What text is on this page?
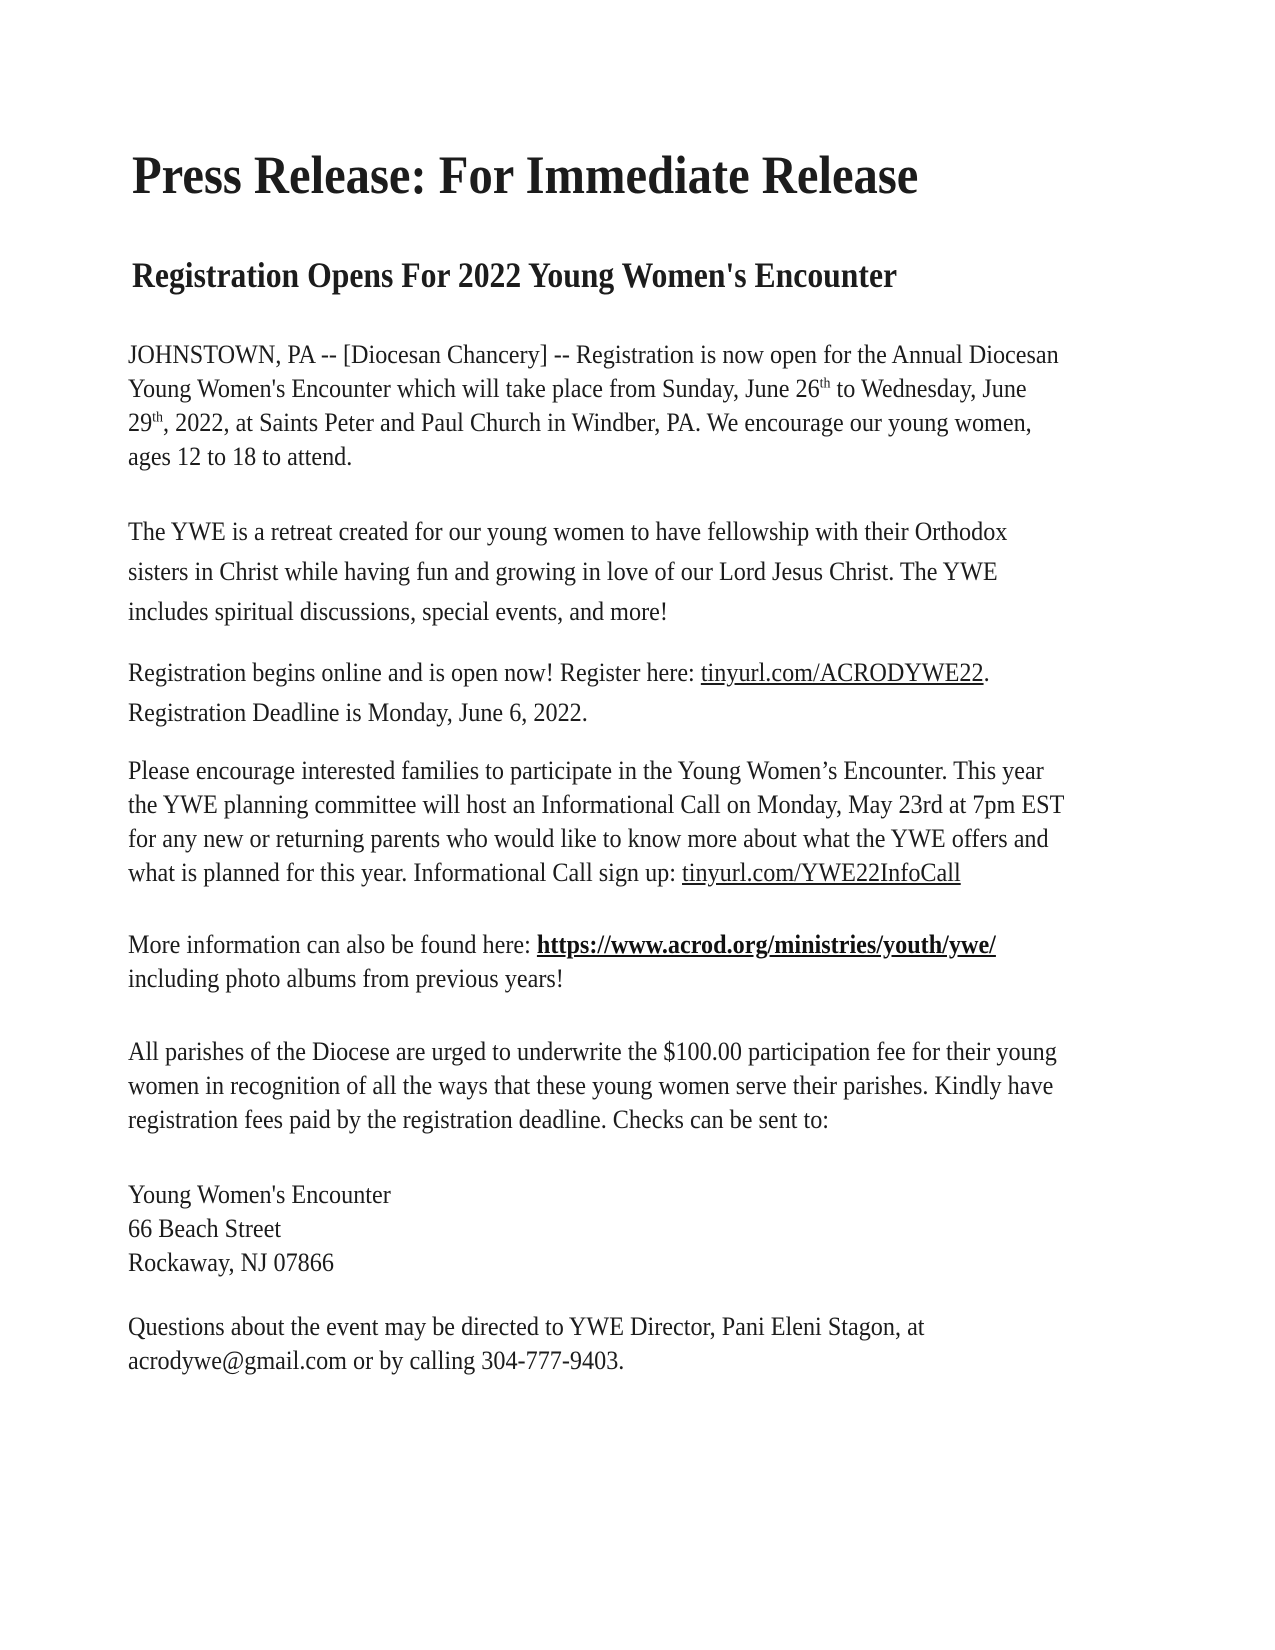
Press Release: For Immediate Release
Registration Opens For 2022 Young Women's Encounter

JOHNSTOWN, PA -- [Diocesan Chancery] -- Registration is now open for the Annual Diocesan
Young Women's Encounter which will take place from Sunday, June 26th to Wednesday, June
29th, 2022, at Saints Peter and Paul Church in Windber, PA. We encourage our young women,
ages 12 to 18 to attend.

The YWE is a retreat created for our young women to have fellowship with their Orthodox
sisters in Christ while having fun and growing in love of our Lord Jesus Christ. The YWE
includes spiritual discussions, special events, and more!

Registration begins online and is open now! Register here: tinyurl.com/ACRODYWE22.
Registration Deadline is Monday, June 6, 2022.

Please encourage interested families to participate in the Young Women’s Encounter. This year
the YWE planning committee will host an Informational Call on Monday, May 23rd at 7pm EST
for any new or returning parents who would like to know more about what the YWE offers and
what is planned for this year. Informational Call sign up: tinyurl.com/YWE22InfoCall

More information can also be found here: https://www.acrod.org/ministries/youth/ywe/
including photo albums from previous years!

All parishes of the Diocese are urged to underwrite the $100.00 participation fee for their young
women in recognition of all the ways that these young women serve their parishes. Kindly have
registration fees paid by the registration deadline. Checks can be sent to:

Young Women's Encounter
66 Beach Street
Rockaway, NJ 07866

Questions about the event may be directed to YWE Director, Pani Eleni Stagon, at
acrodywe@gmail.com or by calling 304-777-9403.
